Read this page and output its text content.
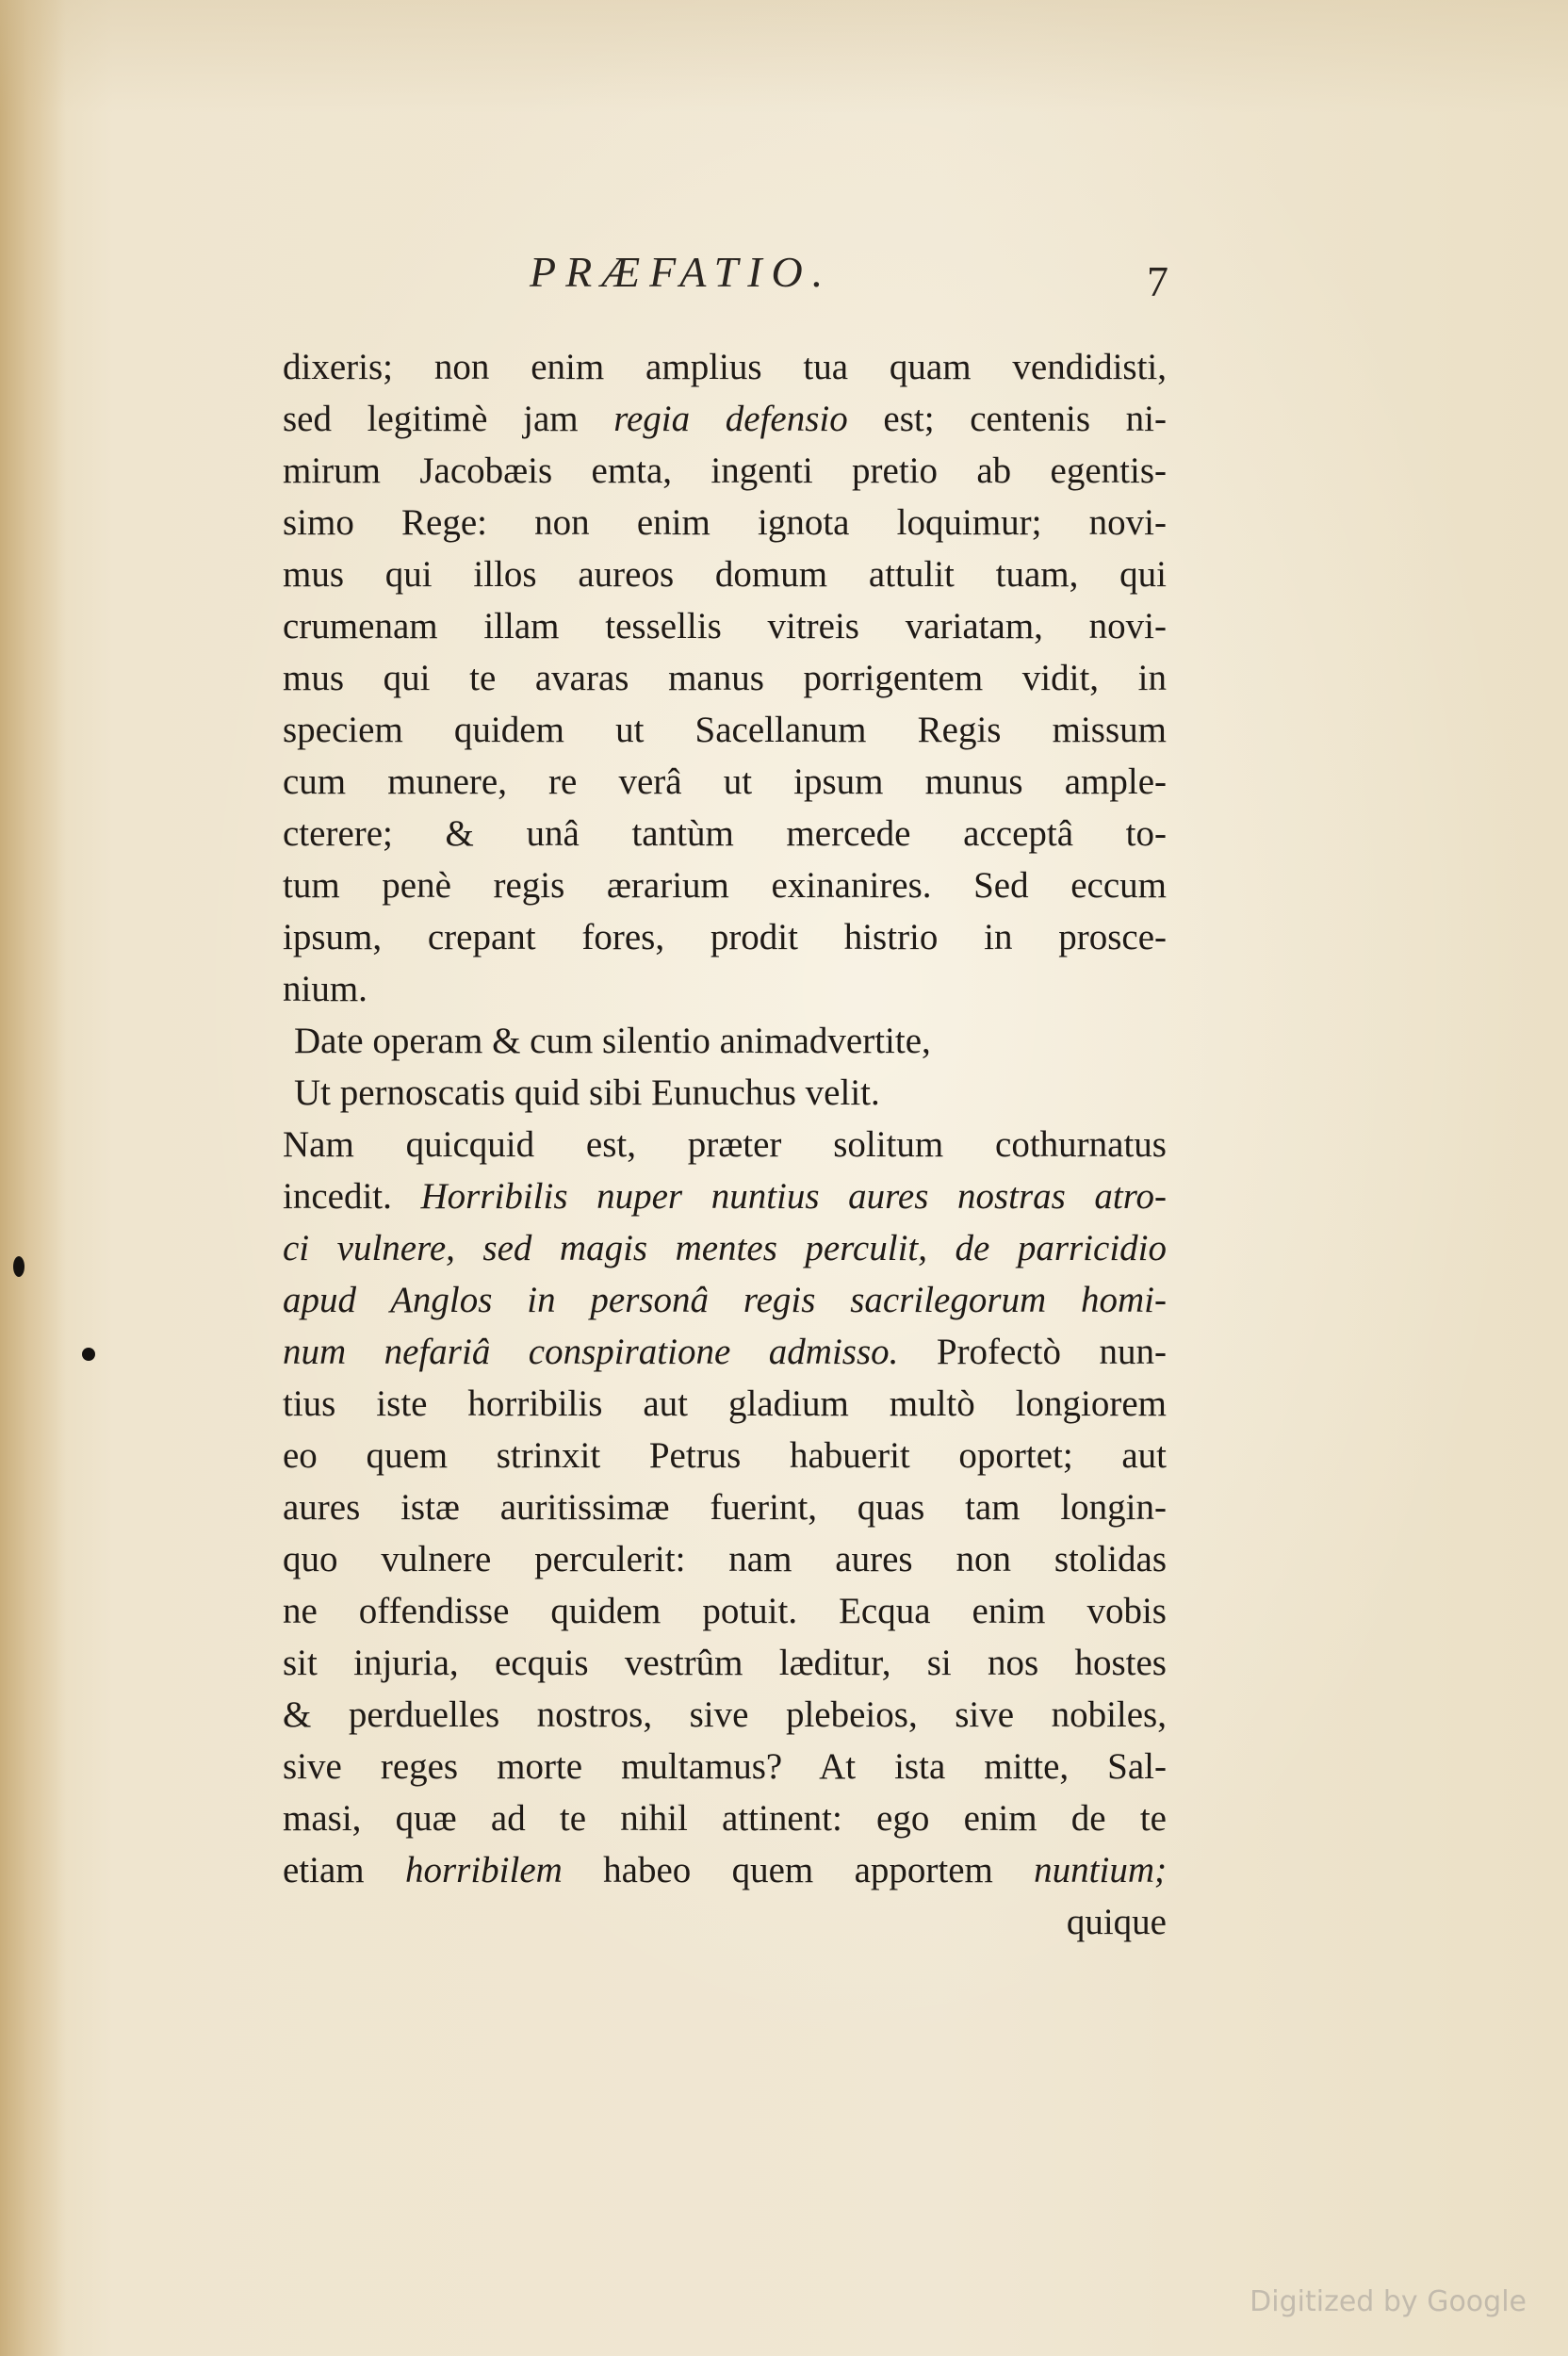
PRÆFATIO.	7
dixeris; non enim amplius tua quam vendidisti,
sed legitimè jam regia defensio est; centenis ni-
mirum Jacobæis emta, ingenti pretio ab egentis-
simo Rege: non enim ignota loquimur; novi-
mus qui illos aureos domum attulit tuam, qui
crumenam illam tessellis vitreis variatam, novi-
mus qui te avaras manus porrigentem vidit, in
speciem quidem ut Sacellanum Regis missum
cum munere, re verâ ut ipsum munus ample-
cterere; & unâ tantùm mercede acceptâ to-
tum penè regis ærarium exinanires. Sed eccum
ipsum, crepant fores, prodit histrio in prosce-
nium.
Date operam & cum silentio animadvertite,
Ut pernoscatis quid sibi Eunuchus velit.
Nam quicquid est, præter solitum cothurnatus
incedit. Horribilis nuper nuntius aures nostras atro-
ci vulnere, sed magis mentes perculit, de parricidio
apud Anglos in personâ regis sacrilegorum homi-
num nefariâ conspiratione admisso. Profectò nun-
tius iste horribilis aut gladium multò longiorem
eo quem strinxit Petrus habuerit oportet; aut
aures istæ auritissimæ fuerint, quas tam longin-
quo vulnere perculerit: nam aures non stolidas
ne offendisse quidem potuit. Ecqua enim vobis
sit injuria, ecquis vestrûm læditur, si nos hostes
& perduelles nostros, sive plebeios, sive nobiles,
sive reges morte multamus? At ista mitte, Sal-
masi, quæ ad te nihil attinent: ego enim de te
etiam horribilem habeo quem apportem nuntium;
quique
Digitized by Google
